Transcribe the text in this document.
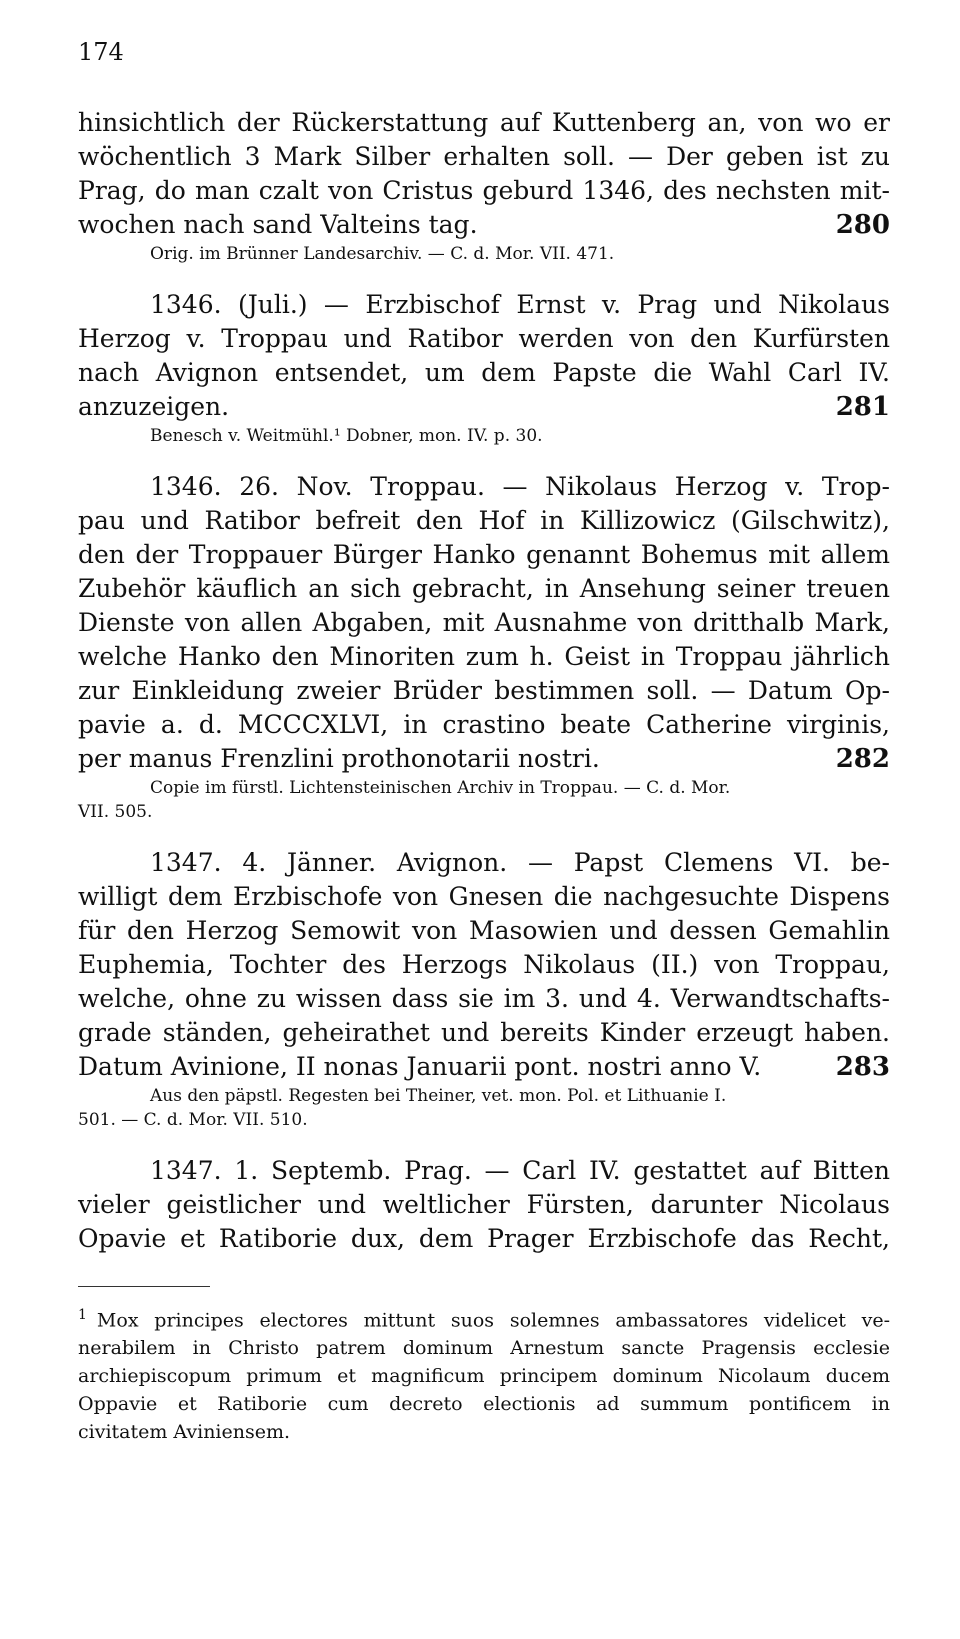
174
hinsichtlich der Rückerstattung auf Kuttenberg an, von wo er
wöchentlich 3 Mark Silber erhalten soll. — Der geben ist zu
Prag, do man czalt von Cristus geburd 1346, des nechsten mit-
wochen nach sand Valteins tag.	280
Orig. im Brünner Landesarchiv. — C. d. Mor. VII. 471.
1346. (Juli.) — Erzbischof Ernst v. Prag und Nikolaus
Herzog v. Troppau und Ratibor werden von den Kurfürsten
nach Avignon entsendet, um dem Papste die Wahl Carl IV.
anzuzeigen.	281
Benesch v. Weitmühl.¹ Dobner, mon. IV. p. 30.
1346. 26. Nov. Troppau. — Nikolaus Herzog v. Trop-
pau und Ratibor befreit den Hof in Killizowicz (Gilschwitz),
den der Troppauer Bürger Hanko genannt Bohemus mit allem
Zubehör käuflich an sich gebracht, in Ansehung seiner treuen
Dienste von allen Abgaben, mit Ausnahme von dritthalb Mark,
welche Hanko den Minoriten zum h. Geist in Troppau jährlich
zur Einkleidung zweier Brüder bestimmen soll. — Datum Op-
pavie a. d. MCCCXLVI, in crastino beate Catherine virginis,
per manus Frenzlini prothonotarii nostri.	282
Copie im fürstl. Lichtensteinischen Archiv in Troppau. — C. d. Mor.
VII. 505.
1347. 4. Jänner. Avignon. — Papst Clemens VI. be-
willigt dem Erzbischofe von Gnesen die nachgesuchte Dispens
für den Herzog Semowit von Masowien und dessen Gemahlin
Euphemia, Tochter des Herzogs Nikolaus (II.) von Troppau,
welche, ohne zu wissen dass sie im 3. und 4. Verwandtschafts-
grade ständen, geheirathet und bereits Kinder erzeugt haben.
Datum Avinione, II nonas Januarii pont. nostri anno V.	283
Aus den päpstl. Regesten bei Theiner, vet. mon. Pol. et Lithuanie I.
501. — C. d. Mor. VII. 510.
1347. 1. Septemb. Prag. — Carl IV. gestattet auf Bitten
vieler geistlicher und weltlicher Fürsten, darunter Nicolaus
Opavie et Ratiborie dux, dem Prager Erzbischofe das Recht,
$^1$ Mox principes electores mittunt suos solemnes ambassatores videlicet ve-
nerabilem in Christo patrem dominum Arnestum sancte Pragensis ecclesie
archiepiscopum primum et magnificum principem dominum Nicolaum ducem
Oppavie et Ratiborie cum decreto electionis ad summum pontificem in
civitatem Aviniensem.
